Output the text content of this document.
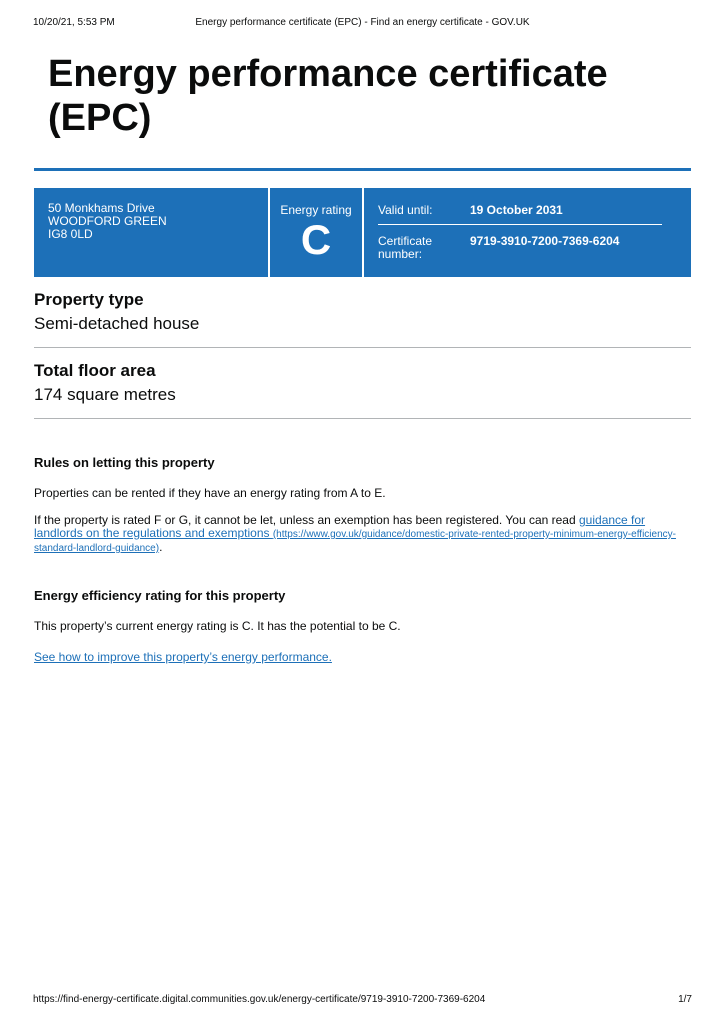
10/20/21, 5:53 PM	Energy performance certificate (EPC) - Find an energy certificate - GOV.UK
Energy performance certificate (EPC)
50 Monkhams Drive
WOODFORD GREEN
IG8 0LD
Energy rating
C
Valid until:	19 October 2031
Certificate
number:
9719-3910-7200-7369-6204
Property type
Semi-detached house
Total floor area
174 square metres
Rules on letting this property

Properties can be rented if they have an energy rating from A to E.

If the property is rated F or G, it cannot be let, unless an exemption has been registered. You can read guidance for landlords on the regulations and exemptions (https://www.gov.uk/guidance/domestic-private-rented-property-minimum-energy-efficiency-standard-landlord-guidance).

Energy efficiency rating for this property

This property’s current energy rating is C. It has the potential to be C.

See how to improve this property’s energy performance.

https://find-energy-certificate.digital.communities.gov.uk/energy-certificate/9719-3910-7200-7369-6204	1/7
